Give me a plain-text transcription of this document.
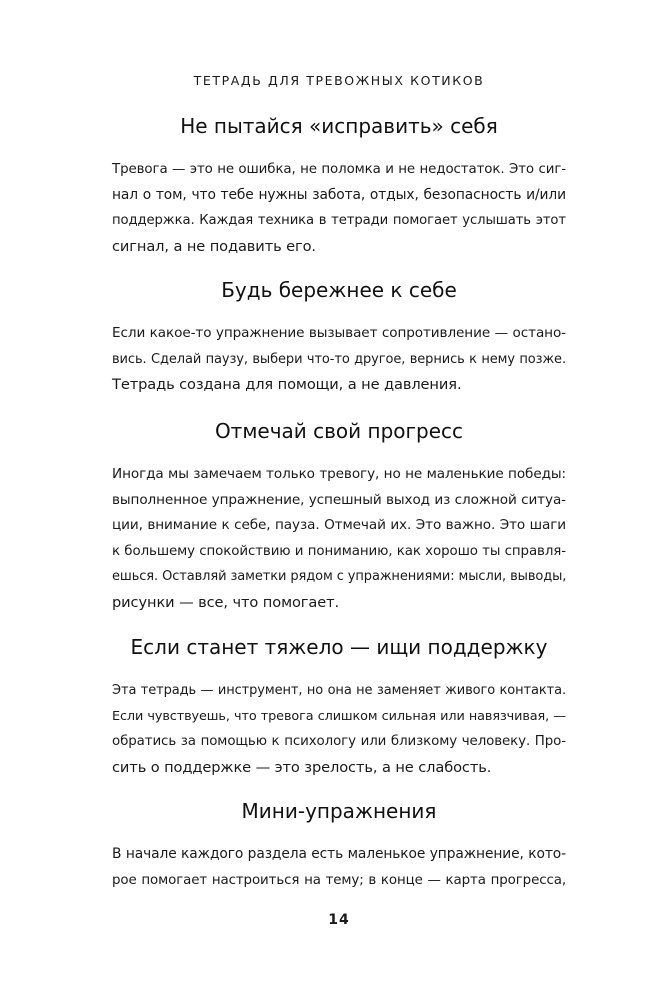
ТЕТРАДЬ ДЛЯ ТРЕВОЖНЫХ КОТИКОВ
Не пытайся «исправить» себя
Тревога — это не ошибка, не поломка и не недостаток. Это сиг-
нал о том, что тебе нужны забота, отдых, безопасность и/или
поддержка. Каждая техника в тетради помогает услышать этот
сигнал, а не подавить его.
Будь бережнее к себе
Если какое-то упражнение вызывает сопротивление — остано-
вись. Сделай паузу, выбери что-то другое, вернись к нему позже.
Тетрадь создана для помощи, а не давления.
Отмечай свой прогресс
Иногда мы замечаем только тревогу, но не маленькие победы:
выполненное упражнение, успешный выход из сложной ситуа-
ции, внимание к себе, пауза. Отмечай их. Это важно. Это шаги
к большему спокойствию и пониманию, как хорошо ты справля-
ешься. Оставляй заметки рядом с упражнениями: мысли, выводы,
рисунки — все, что помогает.
Если станет тяжело — ищи поддержку
Эта тетрадь — инструмент, но она не заменяет живого контакта.
Если чувствуешь, что тревога слишком сильная или навязчивая, —
обратись за помощью к психологу или близкому человеку. Про-
сить о поддержке — это зрелость, а не слабость.
Мини-упражнения
В начале каждого раздела есть маленькое упражнение, кото-
рое помогает настроиться на тему; в конце — карта прогресса,
14
